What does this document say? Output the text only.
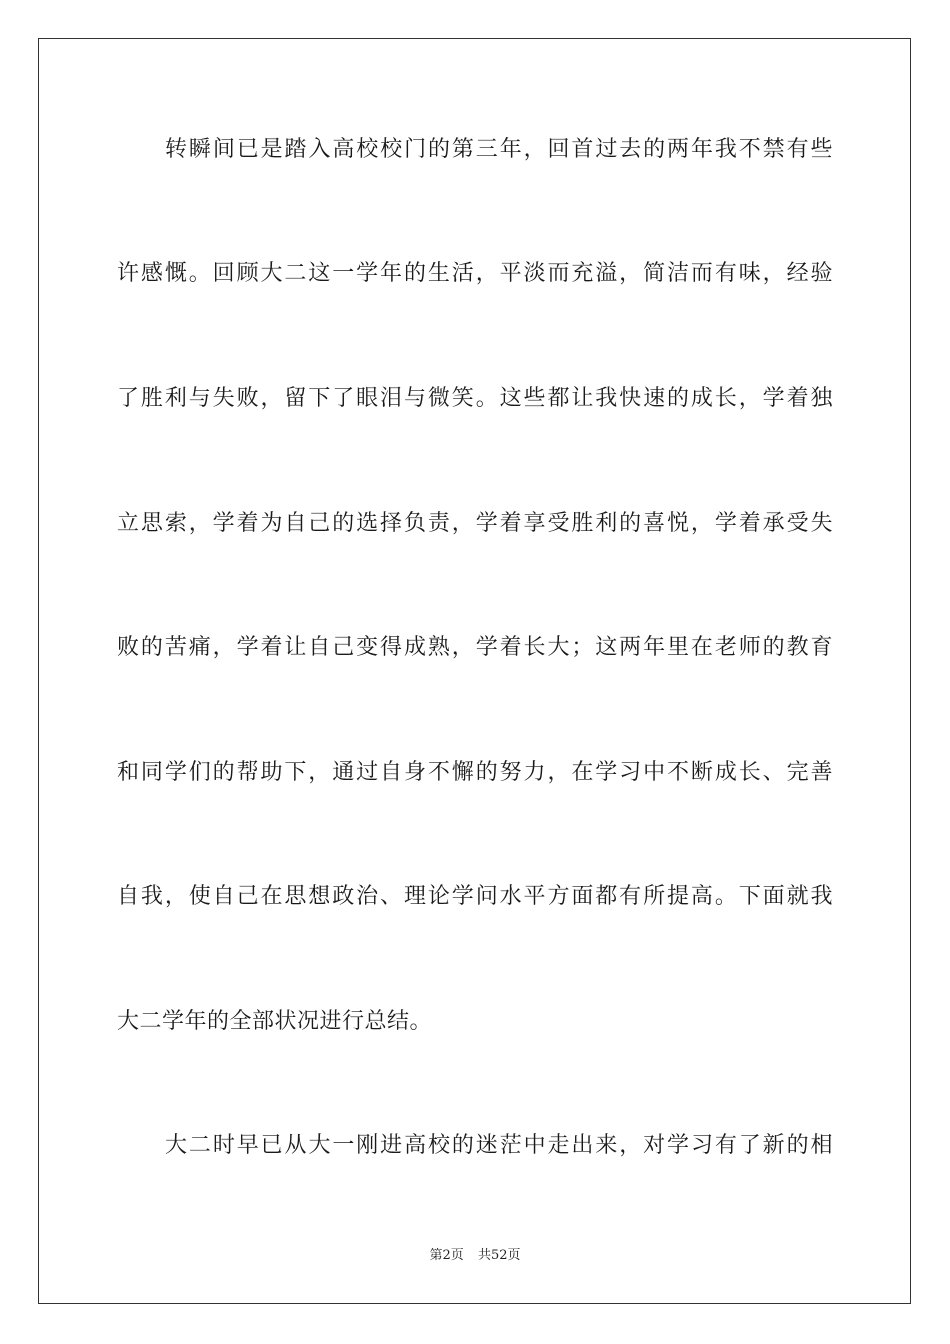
转瞬间已是踏入高校校门的第三年，回首过去的两年我不禁有些
许感慨。回顾大二这一学年的生活，平淡而充溢，简洁而有味，经验
了胜利与失败，留下了眼泪与微笑。这些都让我快速的成长，学着独
立思索，学着为自己的选择负责，学着享受胜利的喜悦，学着承受失
败的苦痛，学着让自己变得成熟，学着长大；这两年里在老师的教育
和同学们的帮助下，通过自身不懈的努力，在学习中不断成长、完善
自我，使自己在思想政治、理论学问水平方面都有所提高。下面就我
大二学年的全部状况进行总结。
大二时早已从大一刚进高校的迷茫中走出来，对学习有了新的相
第2页 共52页
